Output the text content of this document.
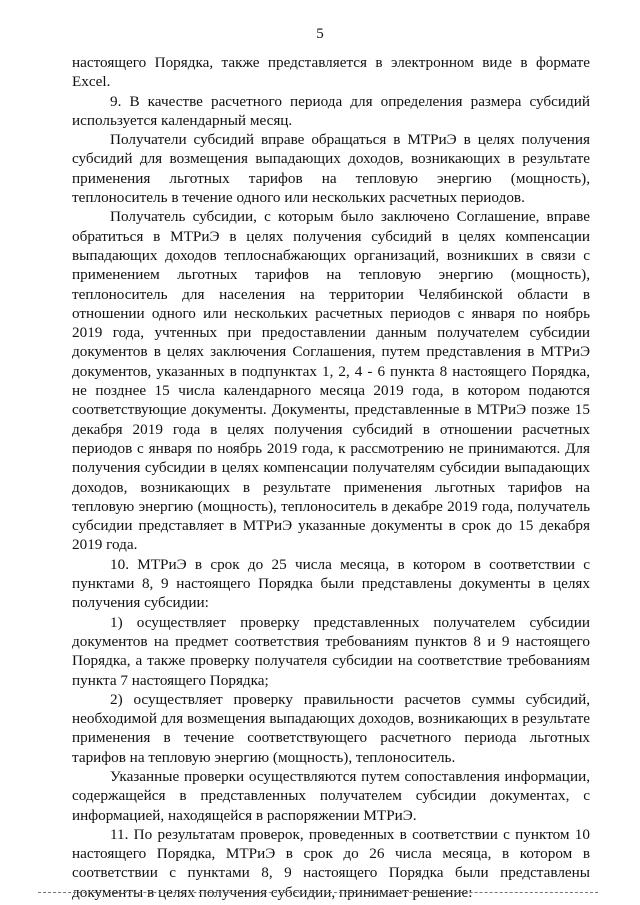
5

настоящего Порядка, также представляется в электронном виде в формате Excel.

9. В качестве расчетного периода для определения размера субсидий используется календарный месяц.

Получатели субсидий вправе обращаться в МТРиЭ в целях получения субсидий для возмещения выпадающих доходов, возникающих в результате применения льготных тарифов на тепловую энергию (мощность), теплоноситель в течение одного или нескольких расчетных периодов.

Получатель субсидии, с которым было заключено Соглашение, вправе обратиться в МТРиЭ в целях получения субсидий в целях компенсации выпадающих доходов теплоснабжающих организаций, возникших в связи с применением льготных тарифов на тепловую энергию (мощность), теплоноситель для населения на территории Челябинской области в отношении одного или нескольких расчетных периодов с января по ноябрь 2019 года, учтенных при предоставлении данным получателем субсидии документов в целях заключения Соглашения, путем представления в МТРиЭ документов, указанных в подпунктах 1, 2, 4 - 6 пункта 8 настоящего Порядка, не позднее 15 числа календарного месяца 2019 года, в котором подаются соответствующие документы. Документы, представленные в МТРиЭ позже 15 декабря 2019 года в целях получения субсидий в отношении расчетных периодов с января по ноябрь 2019 года, к рассмотрению не принимаются. Для получения субсидии в целях компенсации получателям субсидии выпадающих доходов, возникающих в результате применения льготных тарифов на тепловую энергию (мощность), теплоноситель в декабре 2019 года, получатель субсидии представляет в МТРиЭ указанные документы в срок до 15 декабря 2019 года.

10. МТРиЭ в срок до 25 числа месяца, в котором в соответствии с пунктами 8, 9 настоящего Порядка были представлены документы в целях получения субсидии:

1) осуществляет проверку представленных получателем субсидии документов на предмет соответствия требованиям пунктов 8 и 9 настоящего Порядка, а также проверку получателя субсидии на соответствие требованиям пункта 7 настоящего Порядка;

2) осуществляет проверку правильности расчетов суммы субсидий, необходимой для возмещения выпадающих доходов, возникающих в результате применения в течение соответствующего расчетного периода льготных тарифов на тепловую энергию (мощность), теплоноситель.

Указанные проверки осуществляются путем сопоставления информации, содержащейся в представленных получателем субсидии документах, с информацией, находящейся в распоряжении МТРиЭ.

11. По результатам проверок, проведенных в соответствии с пунктом 10 настоящего Порядка, МТРиЭ в срок до 26 числа месяца, в котором в соответствии с пунктами 8, 9 настоящего Порядка были представлены документы в целях получения субсидии, принимает решение:
